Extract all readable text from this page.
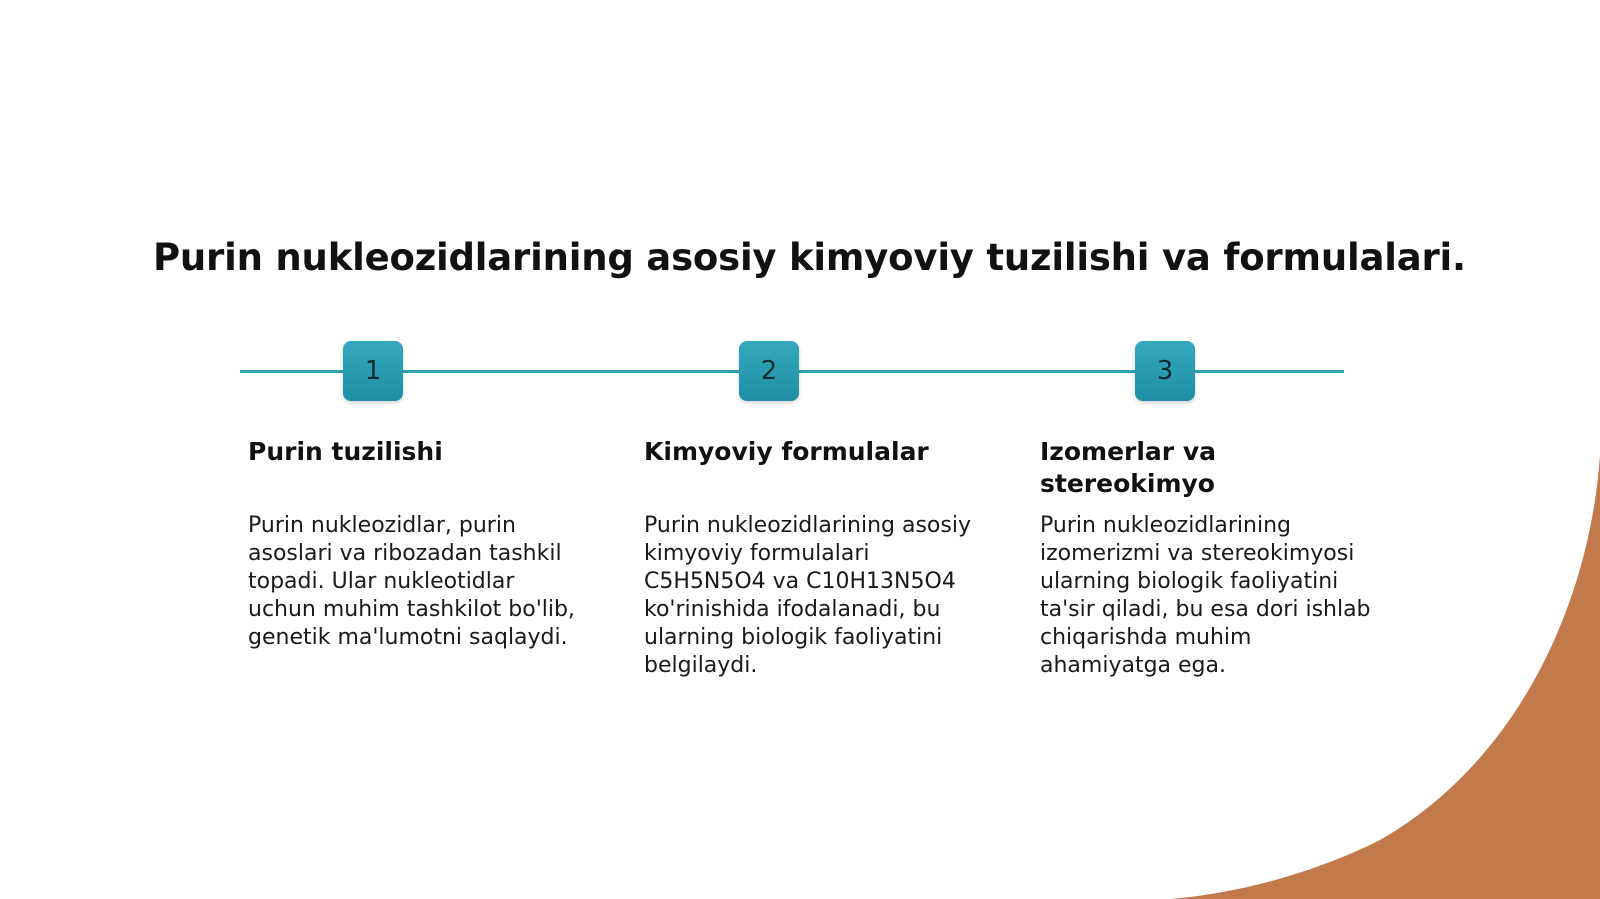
Purin nukleozidlarining asosiy kimyoviy tuzilishi va formulalari.
1	2	3
Purin tuzilishi

Purin nukleozidlar, purin asoslari va ribozadan tashkil topadi. Ular nukleotidlar uchun muhim tashkilot bo'lib, genetik ma'lumotni saqlaydi.

Kimyoviy formulalar

Purin nukleozidlarining asosiy kimyoviy formulalari C5H5N5O4 va C10H13N5O4 ko'rinishida ifodalanadi, bu ularning biologik faoliyatini belgilaydi.

Izomerlar va stereokimyo

Purin nukleozidlarining izomerizmi va stereokimyosi ularning biologik faoliyatini ta'sir qiladi, bu esa dori ishlab chiqarishda muhim ahamiyatga ega.
